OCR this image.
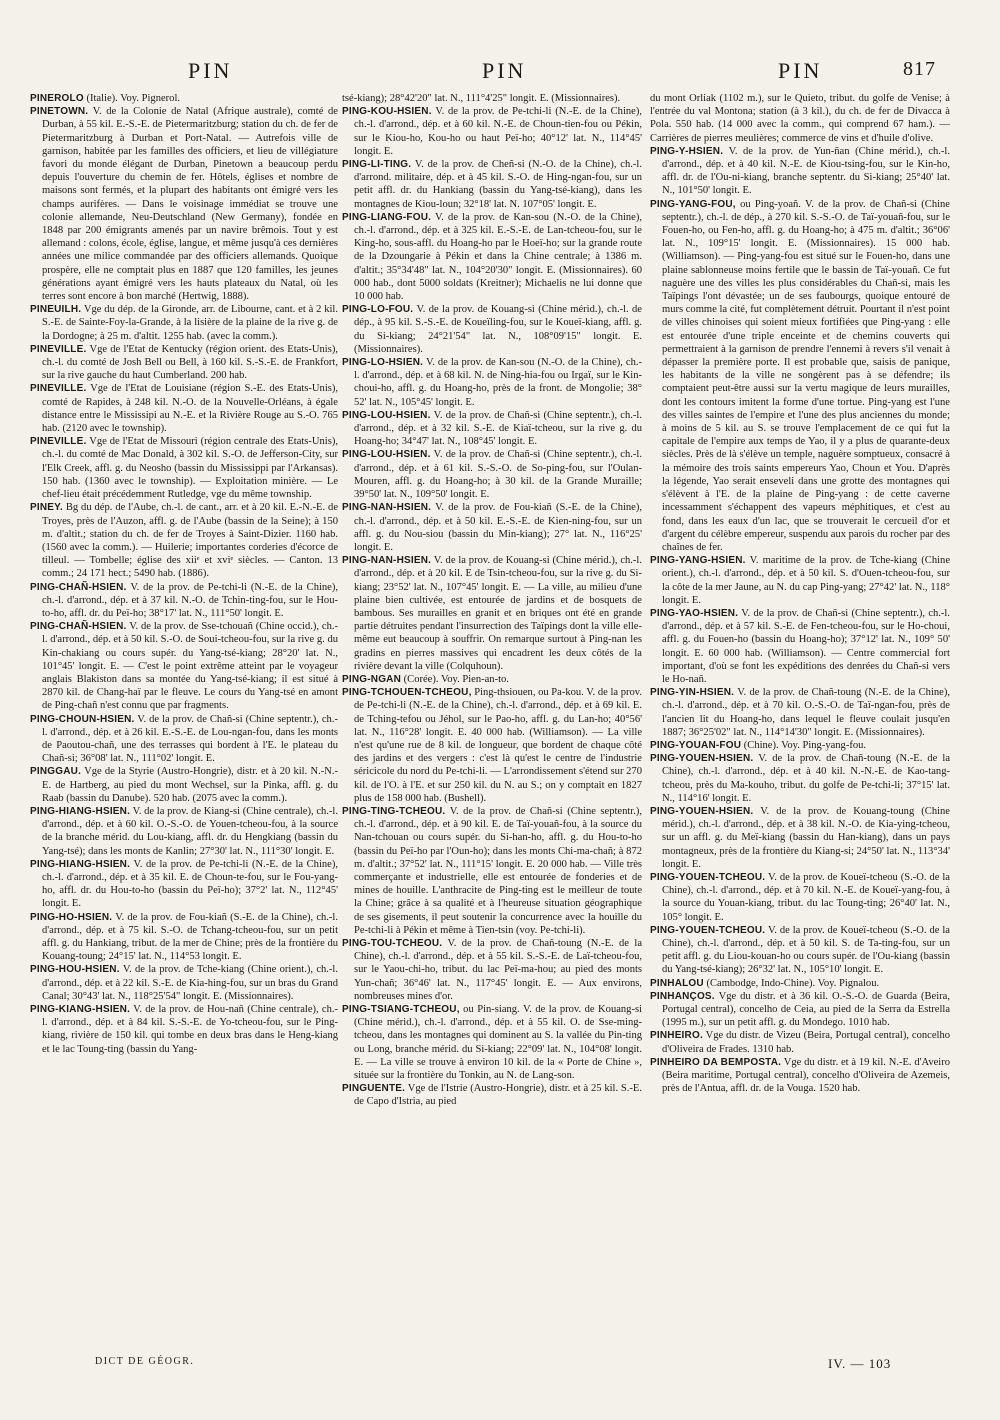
PIN	PIN	PIN	817

PINEROLO (Italie). Voy. Pignerol.

PINETOWN. V. de la Colonie de Natal (Afrique australe), comté de Durban, à 55 kil. E.-S.-E. de Pietermaritzburg; station du ch. de fer de Pietermaritzburg à Durban et Port-Natal. — Autrefois ville de garnison, habitée par les familles des officiers, et lieu de villégiature favori du monde élégant de Durban, Pinetown a beaucoup perdu depuis l'ouverture du chemin de fer. Hôtels, églises et nombre de maisons sont fermés, et la plupart des habitants ont émigré vers les champs aurifères. — Dans le voisinage immédiat se trouve une colonie allemande, Neu-Deutschland (New Germany), fondée en 1848 par 200 émigrants amenés par un navire brêmois. Tout y est allemand : colons, école, église, langue, et même jusqu'à ces dernières années une milice commandée par des officiers allemands. Quoique prospère, elle ne comptait plus en 1887 que 120 familles, les jeunes générations ayant émigré vers les hauts plateaux du Natal, où les terres sont encore à bon marché (Hertwig, 1888).

PINEUILH. Vge du dép. de la Gironde, arr. de Libourne, cant. et à 2 kil. S.-E. de Sainte-Foy-la-Grande, à la lisière de la plaine de la rive g. de la Dordogne; à 25 m. d'altit. 1255 hab. (avec la comm.).

PINEVILLE. Vge de l'Etat de Kentucky (région orient. des Etats-Unis), ch.-l. du comté de Josh Bell ou Bell, à 160 kil. S.-S.-E. de Frankfort, sur la rive gauche du haut Cumberland. 200 hab.

PINEVILLE. Vge de l'Etat de Louisiane (région S.-E. des Etats-Unis), comté de Rapides, à 248 kil. N.-O. de la Nouvelle-Orléans, à égale distance entre le Mississipi au N.-E. et la Rivière Rouge au S.-O. 765 hab. (2120 avec le township).

PINEVILLE. Vge de l'Etat de Missouri (région centrale des Etats-Unis), ch.-l. du comté de Mac Donald, à 302 kil. S.-O. de Jefferson-City, sur l'Elk Creek, affl. g. du Neosho (bassin du Mississippi par l'Arkansas). 150 hab. (1360 avec le township). — Exploitation minière. — Le chef-lieu était précédemment Rutledge, vge du même township.

PINEY. Bg du dép. de l'Aube, ch.-l. de cant., arr. et à 20 kil. E.-N.-E. de Troyes, près de l'Auzon, affl. g. de l'Aube (bassin de la Seine); à 150 m. d'altit.; station du ch. de fer de Troyes à Saint-Dizier. 1160 hab. (1560 avec la comm.). — Huilerie; importantes corderies d'écorce de tilleul. — Tombelle; église des xiiᵉ et xviᵉ siècles. — Canton. 13 comm.; 24 171 hect.; 5490 hab. (1886).

PING-CHAÑ-HSIEN. V. de la prov. de Pe-tchi-li (N.-E. de la Chine), ch.-l. d'arrond., dép. et à 37 kil. N.-O. de Tchin-ting-fou, sur le Hou-to-ho, affl. dr. du Peï-ho; 38°17' lat. N., 111°50' longit. E.

PING-CHAÑ-HSIEN. V. de la prov. de Sse-tchouañ (Chine occid.), ch.-l. d'arrond., dép. et à 50 kil. S.-O. de Soui-tcheou-fou, sur la rive g. du Kin-chakiang ou cours supér. du Yang-tsé-kiang; 28°20' lat. N., 101°45' longit. E. — C'est le point extrême atteint par le voyageur anglais Blakiston dans sa montée du Yang-tsé-kiang; il est situé à 2870 kil. de Chang-haï par le fleuve. Le cours du Yang-tsé en amont de Ping-chañ n'est connu que par fragments.

PING-CHOUN-HSIEN. V. de la prov. de Chañ-si (Chine septentr.), ch.-l. d'arrond., dép. et à 26 kil. E.-S.-E. de Lou-ngan-fou, dans les monts de Paoutou-chañ, une des terrasses qui bordent à l'E. le plateau du Chañ-si; 36°08' lat. N., 111°02' longit. E.

PINGGAU. Vge de la Styrie (Austro-Hongrie), distr. et à 20 kil. N.-N.-E. de Hartberg, au pied du mont Wechsel, sur la Pinka, affl. g. du Raab (bassin du Danube). 520 hab. (2075 avec la comm.).

PING-HIANG-HSIEN. V. de la prov. de Kiang-si (Chine centrale), ch.-l. d'arrond., dép. et à 60 kil. O.-S.-O. de Youen-tcheou-fou, à la source de la branche mérid. du Lou-kiang, affl. dr. du Hengkiang (bassin du Yang-tsé); dans les monts de Kanlin; 27°30' lat. N., 111°30' longit. E.

PING-HIANG-HSIEN. V. de la prov. de Pe-tchi-li (N.-E. de la Chine), ch.-l. d'arrond., dép. et à 35 kil. E. de Choun-te-fou, sur le Fou-yang-ho, affl. dr. du Hou-to-ho (bassin du Peï-ho); 37°2' lat. N., 112°45' longit. E.

PING-HO-HSIEN. V. de la prov. de Fou-kiañ (S.-E. de la Chine), ch.-l. d'arrond., dép. et à 75 kil. S.-O. de Tchang-tcheou-fou, sur un petit affl. g. du Hankiang, tribut. de la mer de Chine; près de la frontière du Kouang-toung; 24°15' lat. N., 114°53 longit. E.

PING-HOU-HSIEN. V. de la prov. de Tche-kiang (Chine orient.), ch.-l. d'arrond., dép. et à 22 kil. S.-E. de Kia-hing-fou, sur un bras du Grand Canal; 30°43' lat. N., 118°25'54" longit. E. (Missionnaires).

PING-KIANG-HSIEN. V. de la prov. de Hou-nañ (Chine centrale), ch.-l. d'arrond., dép. et à 84 kil. S.-S.-E. de Yo-tcheou-fou, sur le Ping-kiang, rivière de 150 kil. qui tombe en deux bras dans le Heng-kiang et le lac Toung-ting (bassin du Yang-

tsé-kiang); 28°42'20" lat. N., 111°4'25" longit. E. (Missionnaires).

PING-KOU-HSIEN. V. de la prov. de Pe-tchi-li (N.-E. de la Chine), ch.-l. d'arrond., dép. et à 60 kil. N.-E. de Choun-tien-fou ou Pékin, sur le Kiou-ho, Kou-ho ou haut Peï-ho; 40°12' lat. N., 114°45' longit. E.

PING-LI-TING. V. de la prov. de Cheñ-si (N.-O. de la Chine), ch.-l. d'arrond. militaire, dép. et à 45 kil. S.-O. de Hing-ngan-fou, sur un petit affl. dr. du Hankiang (bassin du Yang-tsé-kiang), dans les montagnes de Kiou-loun; 32°18' lat. N. 107°05' longit. E.

PING-LIANG-FOU. V. de la prov. de Kan-sou (N.-O. de la Chine), ch.-l. d'arrond., dép. et à 325 kil. E.-S.-E. de Lan-tcheou-fou, sur le King-ho, sous-affl. du Hoang-ho par le Hoeï-ho; sur la grande route de la Dzoungarie à Pékin et dans la Chine centrale; à 1386 m. d'altit.; 35°34'48" lat. N., 104°20'30" longit. E. (Missionnaires). 60 000 hab., dont 5000 soldats (Kreitner); Michaelis ne lui donne que 10 000 hab.

PING-LO-FOU. V. de la prov. de Kouang-si (Chine mérid.), ch.-l. de dép., à 95 kil. S.-S.-E. de Koueïling-fou, sur le Koueï-kiang, affl. g. du Si-kiang; 24°21'54" lat. N., 108°09'15" longit. E. (Missionnaires).

PING-LO-HSIEN. V. de la prov. de Kan-sou (N.-O. de la Chine), ch.-l. d'arrond., dép. et à 68 kil. N. de Ning-hia-fou ou Irgaï, sur le Kin-choui-ho, affl. g. du Hoang-ho, près de la front. de Mongolie; 38° 52' lat. N., 105°45' longit. E.

PING-LOU-HSIEN. V. de la prov. de Chañ-si (Chine septentr.), ch.-l. d'arrond., dép. et à 32 kil. S.-E. de Kiaï-tcheou, sur la rive g. du Hoang-ho; 34°47' lat. N., 108°45' longit. E.

PING-LOU-HSIEN. V. de la prov. de Chañ-si (Chine septentr.), ch.-l. d'arrond., dép. et à 61 kil. S.-S.-O. de So-ping-fou, sur l'Oulan-Mouren, affl. g. du Hoang-ho; à 30 kil. de la Grande Muraille; 39°50' lat. N., 109°50' longit. E.

PING-NAN-HSIEN. V. de la prov. de Fou-kiañ (S.-E. de la Chine), ch.-l. d'arrond., dép. et à 50 kil. E.-S.-E. de Kien-ning-fou, sur un affl. g. du Nou-siou (bassin du Min-kiang); 27° lat. N., 116°25' longit. E.

PING-NAN-HSIEN. V. de la prov. de Kouang-si (Chine mérid.), ch.-l. d'arrond., dép. et à 20 kil. E de Tsin-tcheou-fou, sur la rive g. du Si-kiang; 23°52' lat. N., 107°45' longit. E. — La ville, au milieu d'une plaine bien cultivée, est entourée de jardins et de bosquets de bambous. Ses murailles en granit et en briques ont été en grande partie détruites pendant l'insurrection des Taïpings dont la ville elle-même eut beaucoup à souffrir. On remarque surtout à Ping-nan les gradins en pierres massives qui encadrent les deux côtés de la rivière devant la ville (Colquhoun).

PING-NGAN (Corée). Voy. Pien-an-to.

PING-TCHOUEN-TCHEOU, Ping-thsiouen, ou Pa-kou. V. de la prov. de Pe-tchi-li (N.-E. de la Chine), ch.-l. d'arrond., dép. et à 69 kil. E. de Tching-tefou ou Jéhol, sur le Pao-ho, affl. g. du Lan-ho; 40°56' lat. N., 116°28' longit. E. 40 000 hab. (Williamson). — La ville n'est qu'une rue de 8 kil. de longueur, que bordent de chaque côté des jardins et des vergers : c'est là qu'est le centre de l'industrie séricicole du nord du Pe-tchi-li. — L'arrondissement s'étend sur 270 kil. de l'O. à l'E. et sur 250 kil. du N. au S.; on y comptait en 1827 plus de 158 000 hab. (Bushell).

PING-TING-TCHEOU. V. de la prov. de Chañ-si (Chine septentr.), ch.-l. d'arrond., dép. et à 90 kil. E. de Taï-youañ-fou, à la source du Nan-tchouan ou cours supér. du Si-han-ho, affl. g. du Hou-to-ho (bassin du Peï-ho par l'Oun-ho); dans les monts Chi-ma-chañ; à 872 m. d'altit.; 37°52' lat. N., 111°15' longit. E. 20 000 hab. — Ville très commerçante et industrielle, elle est entourée de fonderies et de mines de houille. L'anthracite de Ping-ting est le meilleur de toute la Chine; grâce à sa qualité et à l'heureuse situation géographique de ses gisements, il peut soutenir la concurrence avec la houille du Pe-tchi-li à Pékin et même à Tien-tsin (voy. Pe-tchi-li).

PING-TOU-TCHEOU. V. de la prov. de Chañ-toung (N.-E. de la Chine), ch.-l. d'arrond., dép. et à 55 kil. S.-S.-E. de Laï-tcheou-fou, sur le Yaou-chi-ho, tribut. du lac Peï-ma-hou; au pied des monts Yun-chañ; 36°46' lat. N., 117°45' longit. E. — Aux environs, nombreuses mines d'or.

PING-TSIANG-TCHEOU, ou Pin-siang. V. de la prov. de Kouang-si (Chine mérid.), ch.-l. d'arrond., dép. et à 55 kil. O. de Sse-ming-tcheou, dans les montagnes qui dominent au S. la vallée du Pin-ting ou Long, branche mérid. du Si-kiang; 22°09' lat. N., 104°08' longit. E. — La ville se trouve à environ 10 kil. de la « Porte de Chine », située sur la frontière du Tonkin, au N. de Lang-son.

PINGUENTE. Vge de l'Istrie (Austro-Hongrie), distr. et à 25 kil. S.-E. de Capo d'Istria, au pied

du mont Orliak (1102 m.), sur le Quieto, tribut. du golfe de Venise; à l'entrée du val Montona; station (à 3 kil.), du ch. de fer de Divacca à Pola. 550 hab. (14 000 avec la comm., qui comprend 67 ham.). — Carrières de pierres meulières; commerce de vins et d'huile d'olive.

PING-Y-HSIEN. V. de la prov. de Yun-ñan (Chine mérid.), ch.-l. d'arrond., dép. et à 40 kil. N.-E. de Kiou-tsing-fou, sur le Kin-ho, affl. dr. de l'Ou-ni-kiang, branche septentr. du Si-kiang; 25°40' lat. N., 101°50' longit. E.

PING-YANG-FOU, ou Ping-yoañ. V. de la prov. de Chañ-si (Chine septentr.), ch.-l. de dép., à 270 kil. S.-S.-O. de Taï-youañ-fou, sur le Fouen-ho, ou Fen-ho, affl. g. du Hoang-ho; à 475 m. d'altit.; 36°06' lat. N., 109°15' longit. E. (Missionnaires). 15 000 hab. (Williamson). — Ping-yang-fou est situé sur le Fouen-ho, dans une plaine sablonneuse moins fertile que le bassin de Taï-youañ. Ce fut naguère une des villes les plus considérables du Chañ-si, mais les Taïpings l'ont dévastée; un de ses faubourgs, quoique entouré de murs comme la cité, fut complètement détruit. Pourtant il n'est point de villes chinoises qui soient mieux fortifiées que Ping-yang : elle est entourée d'une triple enceinte et de chemins couverts qui permettraient à la garnison de prendre l'ennemi à revers s'il venait à dépasser la première porte. Il est probable que, saisis de panique, les habitants de la ville ne songèrent pas à se défendre; ils comptaient peut-être aussi sur la vertu magique de leurs murailles, dont les contours imitent la forme d'une tortue. Ping-yang est l'une des villes saintes de l'empire et l'une des plus anciennes du monde; à moins de 5 kil. au S. se trouve l'emplacement de ce qui fut la capitale de l'empire aux temps de Yao, il y a plus de quarante-deux siècles. Près de là s'élève un temple, naguère somptueux, consacré à la mémoire des trois saints empereurs Yao, Choun et You. D'après la légende, Yao serait enseveli dans une grotte des montagnes qui s'élèvent à l'E. de la plaine de Ping-yang : de cette caverne incessamment s'échappent des vapeurs méphitiques, et c'est au fond, dans les eaux d'un lac, que se trouverait le cercueil d'or et d'argent du célèbre empereur, suspendu aux parois du rocher par des chaînes de fer.

PING-YANG-HSIEN. V. maritime de la prov. de Tche-kiang (Chine orient.), ch.-l. d'arrond., dép. et à 50 kil. S. d'Ouen-tcheou-fou, sur la côte de la mer Jaune, au N. du cap Ping-yang; 27°42' lat. N., 118° longit. E.

PING-YAO-HSIEN. V. de la prov. de Chañ-si (Chine septentr.), ch.-l. d'arrond., dép. et à 57 kil. S.-E. de Fen-tcheou-fou, sur le Ho-choui, affl. g. du Fouen-ho (bassin du Hoang-ho); 37°12' lat. N., 109° 50' longit. E. 60 000 hab. (Williamson). — Centre commercial fort important, d'où se font les expéditions des denrées du Chañ-si vers le Ho-nañ.

PING-YIN-HSIEN. V. de la prov. de Chañ-toung (N.-E. de la Chine), ch.-l. d'arrond., dép. et à 70 kil. O.-S.-O. de Taï-ngan-fou, près de l'ancien lit du Hoang-ho, dans lequel le fleuve coulait jusqu'en 1887; 36°25'02" lat. N., 114°14'30" longit. E. (Missionnaires).

PING-YOUAN-FOU (Chine). Voy. Ping-yang-fou.

PING-YOUEN-HSIEN. V. de la prov. de Chañ-toung (N.-E. de la Chine), ch.-l. d'arrond., dép. et à 40 kil. N.-N.-E. de Kao-tang-tcheou, près du Ma-kouho, tribut. du golfe de Pe-tchi-li; 37°15' lat. N., 114°16' longit. E.

PING-YOUEN-HSIEN. V. de la prov. de Kouang-toung (Chine mérid.), ch.-l. d'arrond., dép. et à 38 kil. N.-O. de Kia-ying-tcheou, sur un affl. g. du Meï-kiang (bassin du Han-kiang), dans un pays montagneux, près de la frontière du Kiang-si; 24°50' lat. N., 113°34' longit. E.

PING-YOUEN-TCHEOU. V. de la prov. de Koueï-tcheou (S.-O. de la Chine), ch.-l. d'arrond., dép. et à 70 kil. N.-E. de Koueï-yang-fou, à la source du Youan-kiang, tribut. du lac Toung-ting; 26°40' lat. N., 105° longit. E.

PING-YOUEN-TCHEOU. V. de la prov. de Koueï-tcheou (S.-O. de la Chine), ch.-l. d'arrond., dép. et à 50 kil. S. de Ta-ting-fou, sur un petit affl. g. du Liou-kouan-ho ou cours supér. de l'Ou-kiang (bassin du Yang-tsé-kiang); 26°32' lat. N., 105°10' longit. E.

PINHALOU (Cambodge, Indo-Chine). Voy. Pignalou.

PINHANÇOS. Vge du distr. et à 36 kil. O.-S.-O. de Guarda (Beira, Portugal central), concelho de Ceia, au pied de la Serra da Estrella (1995 m.), sur un petit affl. g. du Mondego. 1010 hab.

PINHEIRO. Vge du distr. de Vizeu (Beira, Portugal central), concelho d'Oliveira de Frades. 1310 hab.

PINHEIRO DA BEMPOSTA. Vge du distr. et à 19 kil. N.-E. d'Aveiro (Beira maritime, Portugal central), concelho d'Oliveira de Azemeis, près de l'Antua, affl. dr. de la Vouga. 1520 hab.

DICT DE GÉOGR.	IV. — 103
